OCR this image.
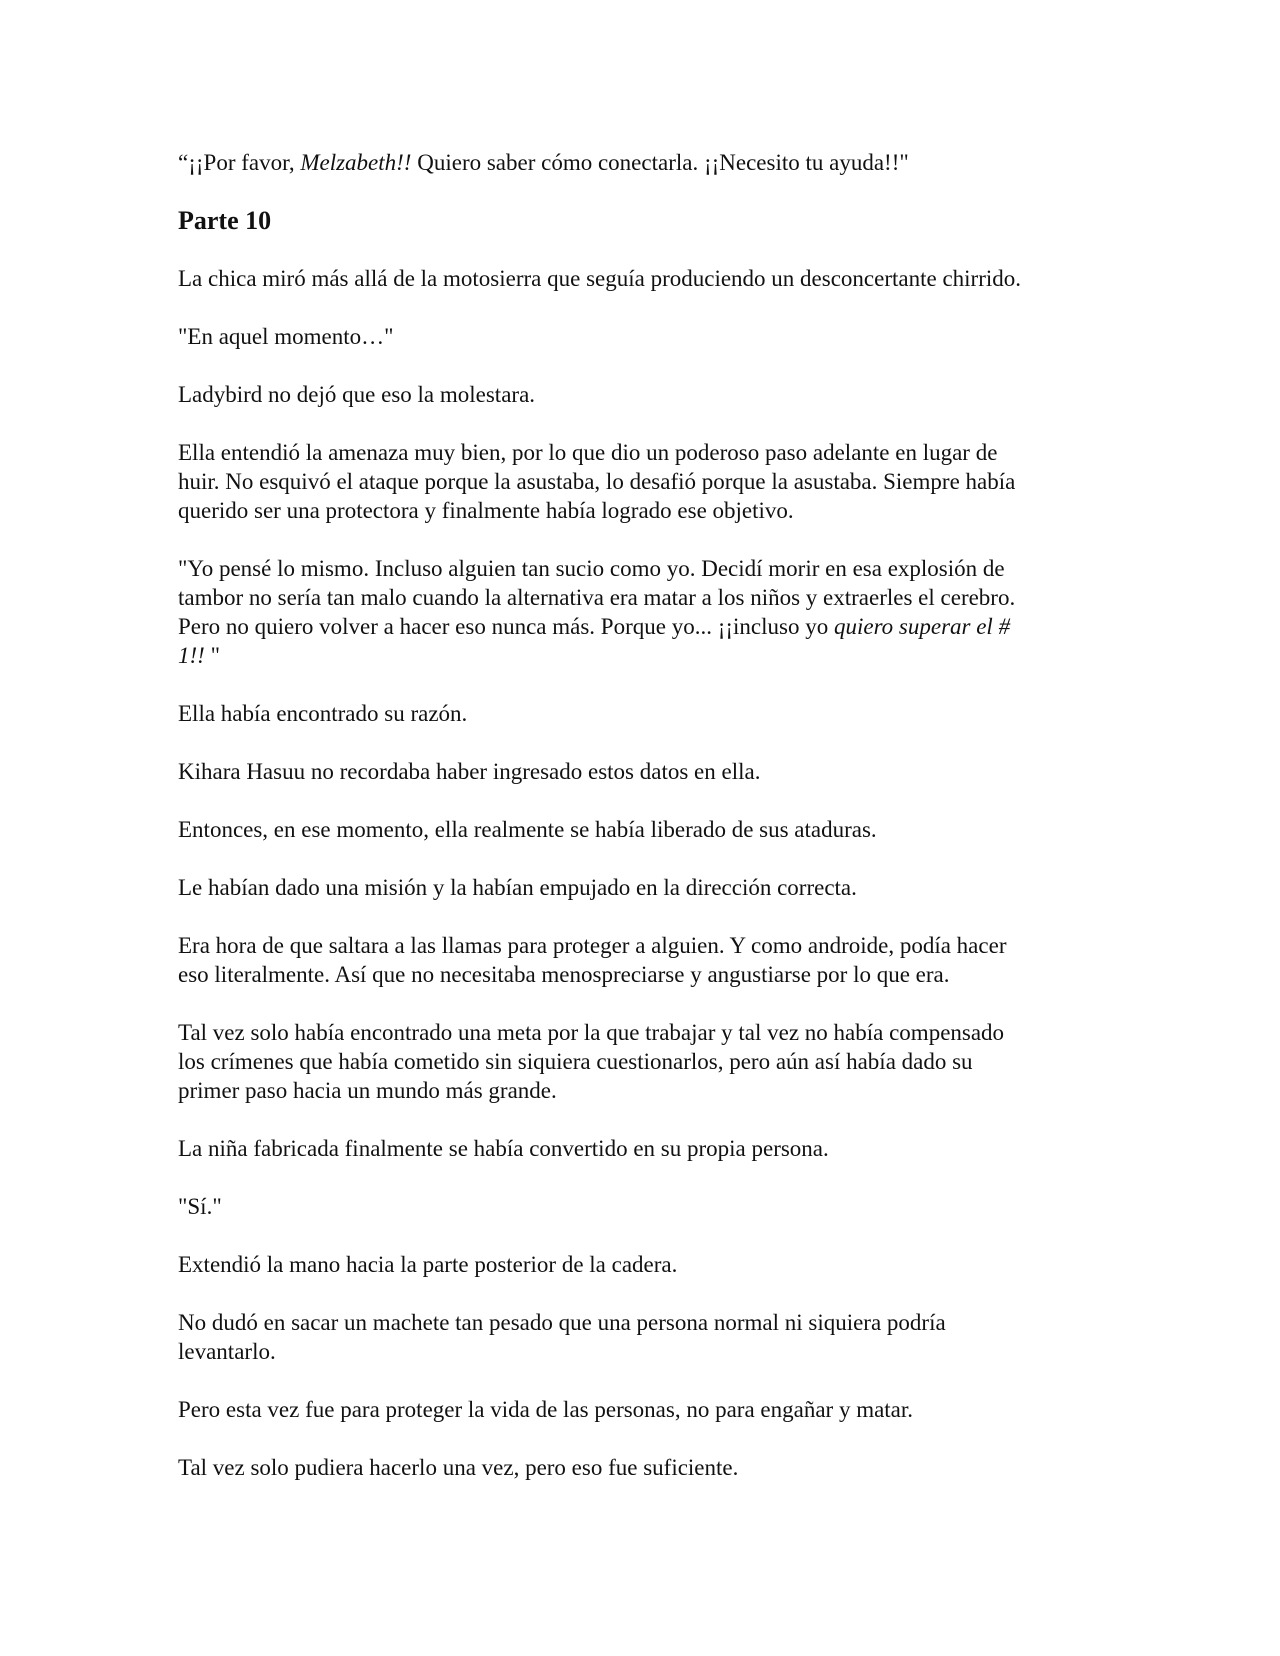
“¡¡Por favor, Melzabeth!! Quiero saber cómo conectarla. ¡¡Necesito tu ayuda!!"
Parte 10
La chica miró más allá de la motosierra que seguía produciendo un desconcertante chirrido.
"En aquel momento…"
Ladybird no dejó que eso la molestara.
Ella entendió la amenaza muy bien, por lo que dio un poderoso paso adelante en lugar de
huir. No esquivó el ataque porque la asustaba, lo desafió porque la asustaba. Siempre había
querido ser una protectora y finalmente había logrado ese objetivo.
"Yo pensé lo mismo. Incluso alguien tan sucio como yo. Decidí morir en esa explosión de
tambor no sería tan malo cuando la alternativa era matar a los niños y extraerles el cerebro.
Pero no quiero volver a hacer eso nunca más. Porque yo... ¡¡incluso yo quiero superar el #
1!! "
Ella había encontrado su razón.
Kihara Hasuu no recordaba haber ingresado estos datos en ella.
Entonces, en ese momento, ella realmente se había liberado de sus ataduras.
Le habían dado una misión y la habían empujado en la dirección correcta.
Era hora de que saltara a las llamas para proteger a alguien. Y como androide, podía hacer
eso literalmente. Así que no necesitaba menospreciarse y angustiarse por lo que era.
Tal vez solo había encontrado una meta por la que trabajar y tal vez no había compensado
los crímenes que había cometido sin siquiera cuestionarlos, pero aún así había dado su
primer paso hacia un mundo más grande.
La niña fabricada finalmente se había convertido en su propia persona.
"Sí."
Extendió la mano hacia la parte posterior de la cadera.
No dudó en sacar un machete tan pesado que una persona normal ni siquiera podría
levantarlo.
Pero esta vez fue para proteger la vida de las personas, no para engañar y matar.
Tal vez solo pudiera hacerlo una vez, pero eso fue suficiente.
